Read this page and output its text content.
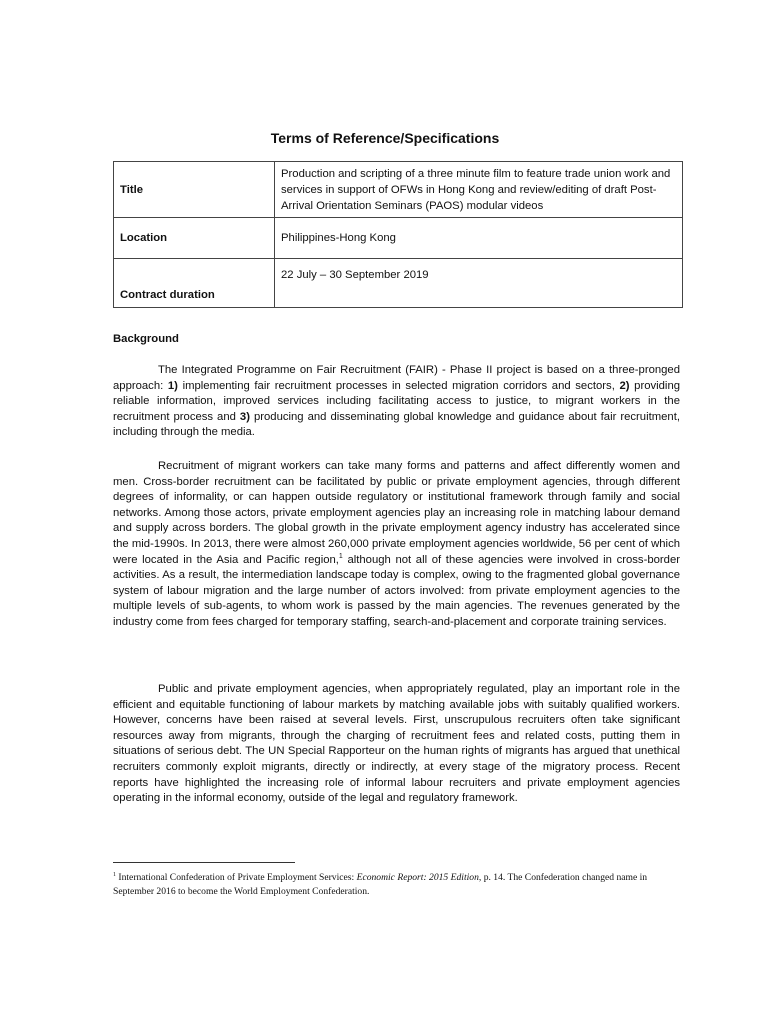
Terms of Reference/Specifications
Title	Production and scripting of a three minute film to feature trade union work and services in support of OFWs in Hong Kong and review/editing of draft Post-Arrival Orientation Seminars (PAOS) modular videos
Location	Philippines-Hong Kong
Contract duration	22 July – 30 September 2019
Background

The Integrated Programme on Fair Recruitment (FAIR) - Phase II project is based on a three-pronged approach: 1) implementing fair recruitment processes in selected migration corridors and sectors, 2) providing reliable information, improved services including facilitating access to justice, to migrant workers in the recruitment process and 3) producing and disseminating global knowledge and guidance about fair recruitment, including through the media.

Recruitment of migrant workers can take many forms and patterns and affect differently women and men. Cross-border recruitment can be facilitated by public or private employment agencies, through different degrees of informality, or can happen outside regulatory or institutional framework through family and social networks. Among those actors, private employment agencies play an increasing role in matching labour demand and supply across borders. The global growth in the private employment agency industry has accelerated since the mid-1990s. In 2013, there were almost 260,000 private employment agencies worldwide, 56 per cent of which were located in the Asia and Pacific region,$^1$ although not all of these agencies were involved in cross-border activities. As a result, the intermediation landscape today is complex, owing to the fragmented global governance system of labour migration and the large number of actors involved: from private employment agencies to the multiple levels of sub-agents, to whom work is passed by the main agencies. The revenues generated by the industry come from fees charged for temporary staffing, search-and-placement and corporate training services.

Public and private employment agencies, when appropriately regulated, play an important role in the efficient and equitable functioning of labour markets by matching available jobs with suitably qualified workers. However, concerns have been raised at several levels. First, unscrupulous recruiters often take significant resources away from migrants, through the charging of recruitment fees and related costs, putting them in situations of serious debt. The UN Special Rapporteur on the human rights of migrants has argued that unethical recruiters commonly exploit migrants, directly or indirectly, at every stage of the migratory process. Recent reports have highlighted the increasing role of informal labour recruiters and private employment agencies operating in the informal economy, outside of the legal and regulatory framework.

$^1$ International Confederation of Private Employment Services: Economic Report: 2015 Edition, p. 14. The Confederation changed name in September 2016 to become the World Employment Confederation.
